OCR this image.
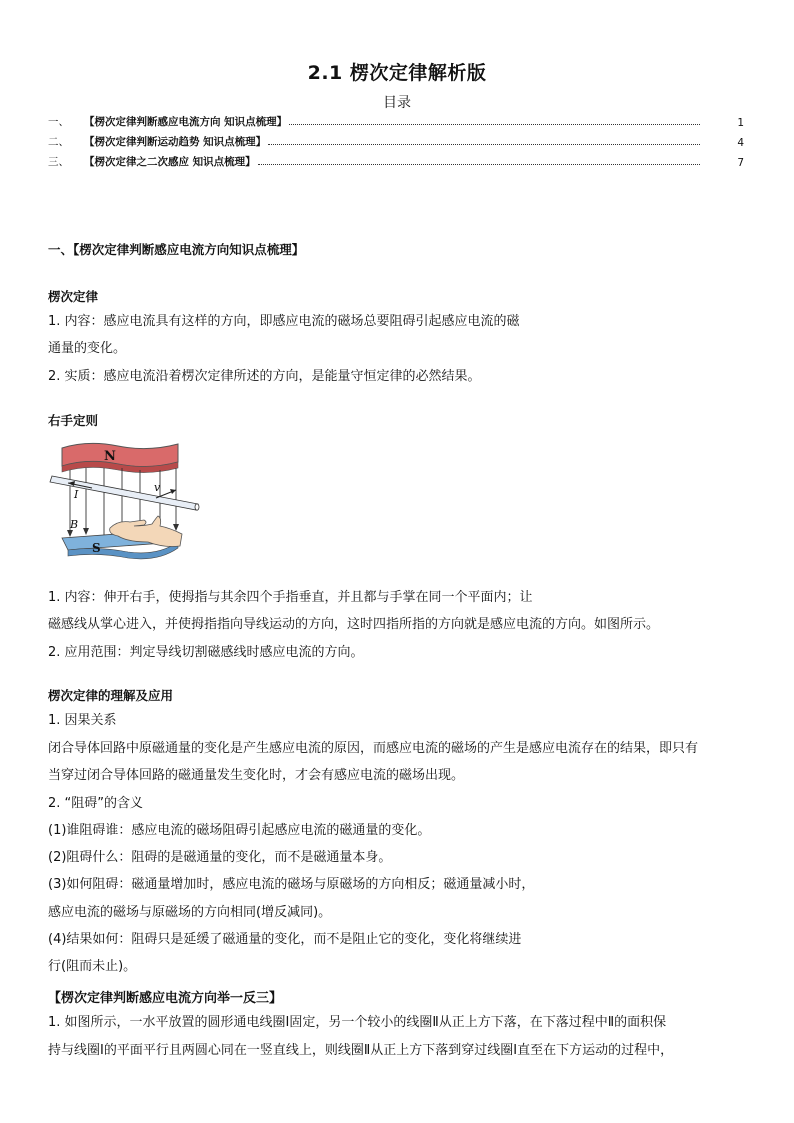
2.1 楞次定律解析版
目录
一、	【楞次定律判断感应电流方向 知识点梳理】	1
二、	【楞次定律判断运动趋势 知识点梳理】	4
三、	【楞次定律之二次感应 知识点梳理】	7
一、【楞次定律判断感应电流方向知识点梳理】
楞次定律
1. 内容：感应电流具有这样的方向，即感应电流的磁场总要阻碍引起感应电流的磁
通量的变化。
2. 实质：感应电流沿着楞次定律所述的方向，是能量守恒定律的必然结果。
右手定则
N
I
v
B
S
1. 内容：伸开右手，使拇指与其余四个手指垂直，并且都与手掌在同一个平面内；让
磁感线从掌心进入，并使拇指指向导线运动的方向，这时四指所指的方向就是感应电流的方向。如图所示。
2. 应用范围：判定导线切割磁感线时感应电流的方向。
楞次定律的理解及应用
1. 因果关系
闭合导体回路中原磁通量的变化是产生感应电流的原因，而感应电流的磁场的产生是感应电流存在的结果，即只有
当穿过闭合导体回路的磁通量发生变化时，才会有感应电流的磁场出现。
2. “阻碍”的含义
(1)谁阻碍谁：感应电流的磁场阻碍引起感应电流的磁通量的变化。
(2)阻碍什么：阻碍的是磁通量的变化，而不是磁通量本身。
(3)如何阻碍：磁通量增加时，感应电流的磁场与原磁场的方向相反；磁通量减小时，
感应电流的磁场与原磁场的方向相同(增反减同)。
(4)结果如何：阻碍只是延缓了磁通量的变化，而不是阻止它的变化，变化将继续进
行(阻而未止)。
【楞次定律判断感应电流方向举一反三】
1. 如图所示，一水平放置的圆形通电线圈Ⅰ固定，另一个较小的线圈Ⅱ从正上方下落，在下落过程中Ⅱ的面积保
持与线圈Ⅰ的平面平行且两圆心同在一竖直线上，则线圈Ⅱ从正上方下落到穿过线圈Ⅰ直至在下方运动的过程中，
